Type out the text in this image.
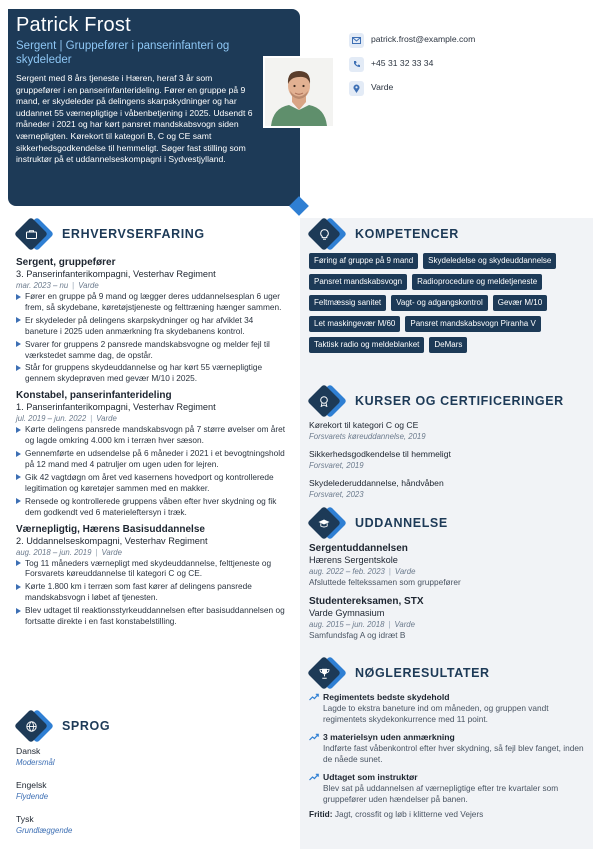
Patrick Frost
Sergent | Gruppefører i panserinfanteri og skydeleder
Sergent med 8 års tjeneste i Hæren, heraf 3 år som gruppefører i en panserinfanterideling. Fører en gruppe på 9 mand, er skydeleder på delingens skarpskydninger og har uddannet 55 værnepligtige i våbenbetjening i 2025. Udsendt 6 måneder i 2021 og har kørt pansret mandskabsvogn siden værnepligten. Kørekort til kategori B, C og CE samt sikkerhedsgodkendelse til hemmeligt. Søger fast stilling som instruktør på et uddannelseskompagni i Sydvestjylland.
patrick.frost@example.com
+45 31 32 33 34
Varde
ERHVERVSERFARING
Sergent, gruppefører
3. Panserinfanterikompagni, Vesterhav Regiment
mar. 2023 – nu | Varde
Fører en gruppe på 9 mand og lægger deres uddannelsesplan 6 uger frem, så skydebane, køretøjstjeneste og felttræning hænger sammen.
Er skydeleder på delingens skarpskydninger og har afviklet 34 baneture i 2025 uden anmærkning fra skydebanens kontrol.
Svarer for gruppens 2 pansrede mandskabsvogne og melder fejl til værkstedet samme dag, de opstår.
Står for gruppens skydeuddannelse og har kørt 55 værnepligtige gennem skydeprøven med gevær M/10 i 2025.
Konstabel, panserinfanterideling
1. Panserinfanterikompagni, Vesterhav Regiment
jul. 2019 – jun. 2022 | Varde
Kørte delingens pansrede mandskabsvogn på 7 større øvelser om året og lagde omkring 4.000 km i terræn hver sæson.
Gennemførte en udsendelse på 6 måneder i 2021 i et bevogtningshold på 12 mand med 4 patruljer om ugen uden for lejren.
Gik 42 vagtdøgn om året ved kasernens hovedport og kontrollerede legitimation og køretøjer sammen med en makker.
Rensede og kontrollerede gruppens våben efter hver skydning og fik dem godkendt ved 6 materieleftersyn i træk.
Værnepligtig, Hærens Basisuddannelse
2. Uddannelseskompagni, Vesterhav Regiment
aug. 2018 – jun. 2019 | Varde
Tog 11 måneders værnepligt med skydeuddannelse, felttjeneste og Forsvarets køreuddannelse til kategori C og CE.
Kørte 1.800 km i terræn som fast kører af delingens pansrede mandskabsvogn i løbet af tjenesten.
Blev udtaget til reaktionsstyrkeuddannelsen efter basisuddannelsen og fortsatte direkte i en fast konstabelstilling.
SPROG
Dansk
Modersmål
Engelsk
Flydende
Tysk
Grundlæggende
KOMPETENCER
Føring af gruppe på 9 mand	Skydeledelse og skydeuddannelse
Pansret mandskabsvogn	Radioprocedure og meldetjeneste
Feltmæssig sanitet	Vagt- og adgangskontrol	Gevær M/10
Let maskingevær M/60	Pansret mandskabsvogn Piranha V
Taktisk radio og meldeblanket	DeMars
KURSER OG CERTIFICERINGER
Kørekort til kategori C og CE
Forsvarets køreuddannelse, 2019
Sikkerhedsgodkendelse til hemmeligt
Forsvaret, 2019
Skydelederuddannelse, håndvåben
Forsvaret, 2023
UDDANNELSE
Sergentuddannelsen
Hærens Sergentskole
aug. 2022 – feb. 2023 | Varde
Afsluttede feltekssamen som gruppefører
Studentereksamen, STX
Varde Gymnasium
aug. 2015 – jun. 2018 | Varde
Samfundsfag A og idræt B
NØGLERESULTATER
Regimentets bedste skydehold
Lagde to ekstra baneture ind om måneden, og gruppen vandt regimentets skydekonkurrence med 11 point.
3 materielsyn uden anmærkning
Indførte fast våbenkontrol efter hver skydning, så fejl blev fanget, inden de nåede sunet.
Udtaget som instruktør
Blev sat på uddannelsen af værnepligtige efter tre kvartaler som gruppefører uden hændelser på banen.
Fritid: Jagt, crossfit og løb i klitterne ved Vejers
